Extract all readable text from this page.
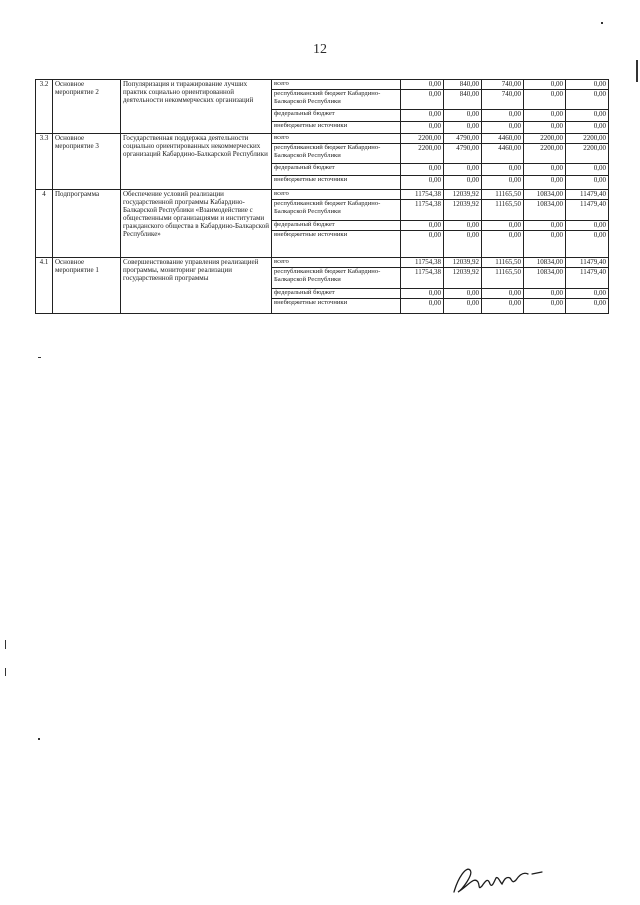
12
3.2	Основное мероприятие 2	Популяризация и тиражирование лучших практик социально ориентированной деятельности некоммерческих организаций	всего	0,00	840,00	740,00	0,00	0,00
			республиканский бюджет Кабардино-Балкарской Республики	0,00	840,00	740,00	0,00	0,00
			федеральный бюджет	0,00	0,00	0,00	0,00	0,00
			внебюджетные источники	0,00	0,00	0,00	0,00	0,00
3.3	Основное мероприятие 3	Государственная поддержка деятельности социально ориентированных некоммерческих организаций Кабардино-Балкарской Республики	всего	2200,00	4790,00	4460,00	2200,00	2200,00
			республиканский бюджет Кабардино-Балкарской Республики	2200,00	4790,00	4460,00	2200,00	2200,00
			федеральный бюджет	0,00	0,00	0,00	0,00	0,00
			внебюджетные источники	0,00	0,00	0,00	0,00	0,00
4	Подпрограмма	Обеспечение условий реализации государственной программы Кабардино-Балкарской Республики «Взаимодействие с общественными организациями и институтами гражданского общества в Кабардино-Балкарской Республике»	всего	11754,38	12039,92	11165,50	10834,00	11479,40
			республиканский бюджет Кабардино-Балкарской Республики	11754,38	12039,92	11165,50	10834,00	11479,40
			федеральный бюджет	0,00	0,00	0,00	0,00	0,00
			внебюджетные источники	0,00	0,00	0,00	0,00	0,00
4.1	Основное мероприятие 1	Совершенствование управления реализацией программы, мониторинг реализации государственной программы	всего	11754,38	12039,92	11165,50	10834,00	11479,40
			республиканский бюджет Кабардино-Балкарской Республики	11754,38	12039,92	11165,50	10834,00	11479,40
			федеральный бюджет	0,00	0,00	0,00	0,00	0,00
			внебюджетные источники	0,00	0,00	0,00	0,00	0,00
